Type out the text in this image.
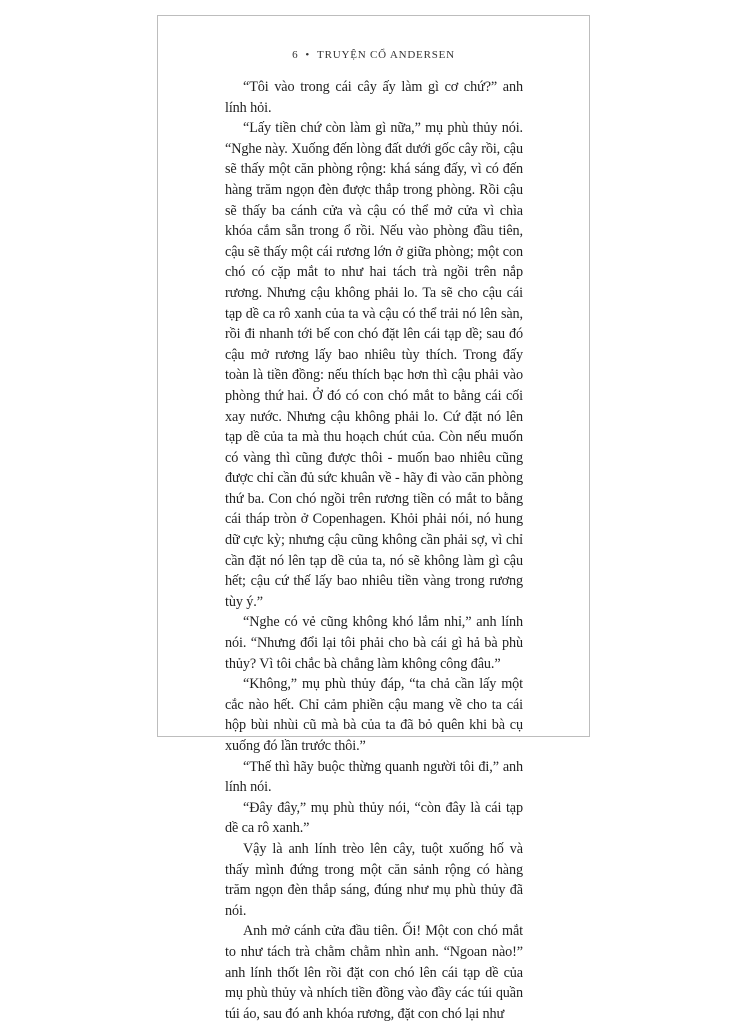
6 • TRUYỆN CỔ ANDERSEN

“Tôi vào trong cái cây ấy làm gì cơ chứ?” anh lính hỏi.

“Lấy tiền chứ còn làm gì nữa,” mụ phù thủy nói. “Nghe này. Xuống đến lòng đất dưới gốc cây rồi, cậu sẽ thấy một căn phòng rộng: khá sáng đấy, vì có đến hàng trăm ngọn đèn được thắp trong phòng. Rồi cậu sẽ thấy ba cánh cửa và cậu có thể mở cửa vì chìa khóa cắm sẵn trong ổ rồi. Nếu vào phòng đầu tiên, cậu sẽ thấy một cái rương lớn ở giữa phòng; một con chó có cặp mắt to như hai tách trà ngồi trên nắp rương. Nhưng cậu không phải lo. Ta sẽ cho cậu cái tạp dề ca rô xanh của ta và cậu có thể trải nó lên sàn, rồi đi nhanh tới bế con chó đặt lên cái tạp dề; sau đó cậu mở rương lấy bao nhiêu tùy thích. Trong đấy toàn là tiền đồng: nếu thích bạc hơn thì cậu phải vào phòng thứ hai. Ở đó có con chó mắt to bằng cái cối xay nước. Nhưng cậu không phải lo. Cứ đặt nó lên tạp dề của ta mà thu hoạch chút của. Còn nếu muốn có vàng thì cũng được thôi - muốn bao nhiêu cũng được chỉ cần đủ sức khuân về - hãy đi vào căn phòng thứ ba. Con chó ngồi trên rương tiền có mắt to bằng cái tháp tròn ở Copenhagen. Khỏi phải nói, nó hung dữ cực kỳ; nhưng cậu cũng không cần phải sợ, vì chỉ cần đặt nó lên tạp dề của ta, nó sẽ không làm gì cậu hết; cậu cứ thế lấy bao nhiêu tiền vàng trong rương tùy ý.”

“Nghe có vẻ cũng không khó lắm nhỉ,” anh lính nói. “Nhưng đổi lại tôi phải cho bà cái gì hả bà phù thủy? Vì tôi chắc bà chẳng làm không công đâu.”

“Không,” mụ phù thủy đáp, “ta chả cần lấy một cắc nào hết. Chỉ cảm phiền cậu mang về cho ta cái hộp bùi nhùi cũ mà bà của ta đã bỏ quên khi bà cụ xuống đó lần trước thôi.”

“Thế thì hãy buộc thừng quanh người tôi đi,” anh lính nói.

“Đây đây,” mụ phù thủy nói, “còn đây là cái tạp dề ca rô xanh.”

Vậy là anh lính trèo lên cây, tuột xuống hố và thấy mình đứng trong một căn sảnh rộng có hàng trăm ngọn đèn thắp sáng, đúng như mụ phù thủy đã nói.

Anh mở cánh cửa đầu tiên. Ối! Một con chó mắt to như tách trà chằm chằm nhìn anh. “Ngoan nào!” anh lính thốt lên rồi đặt con chó lên cái tạp dề của mụ phù thủy và nhích tiền đồng vào đầy các túi quần túi áo, sau đó anh khóa rương, đặt con chó lại như
